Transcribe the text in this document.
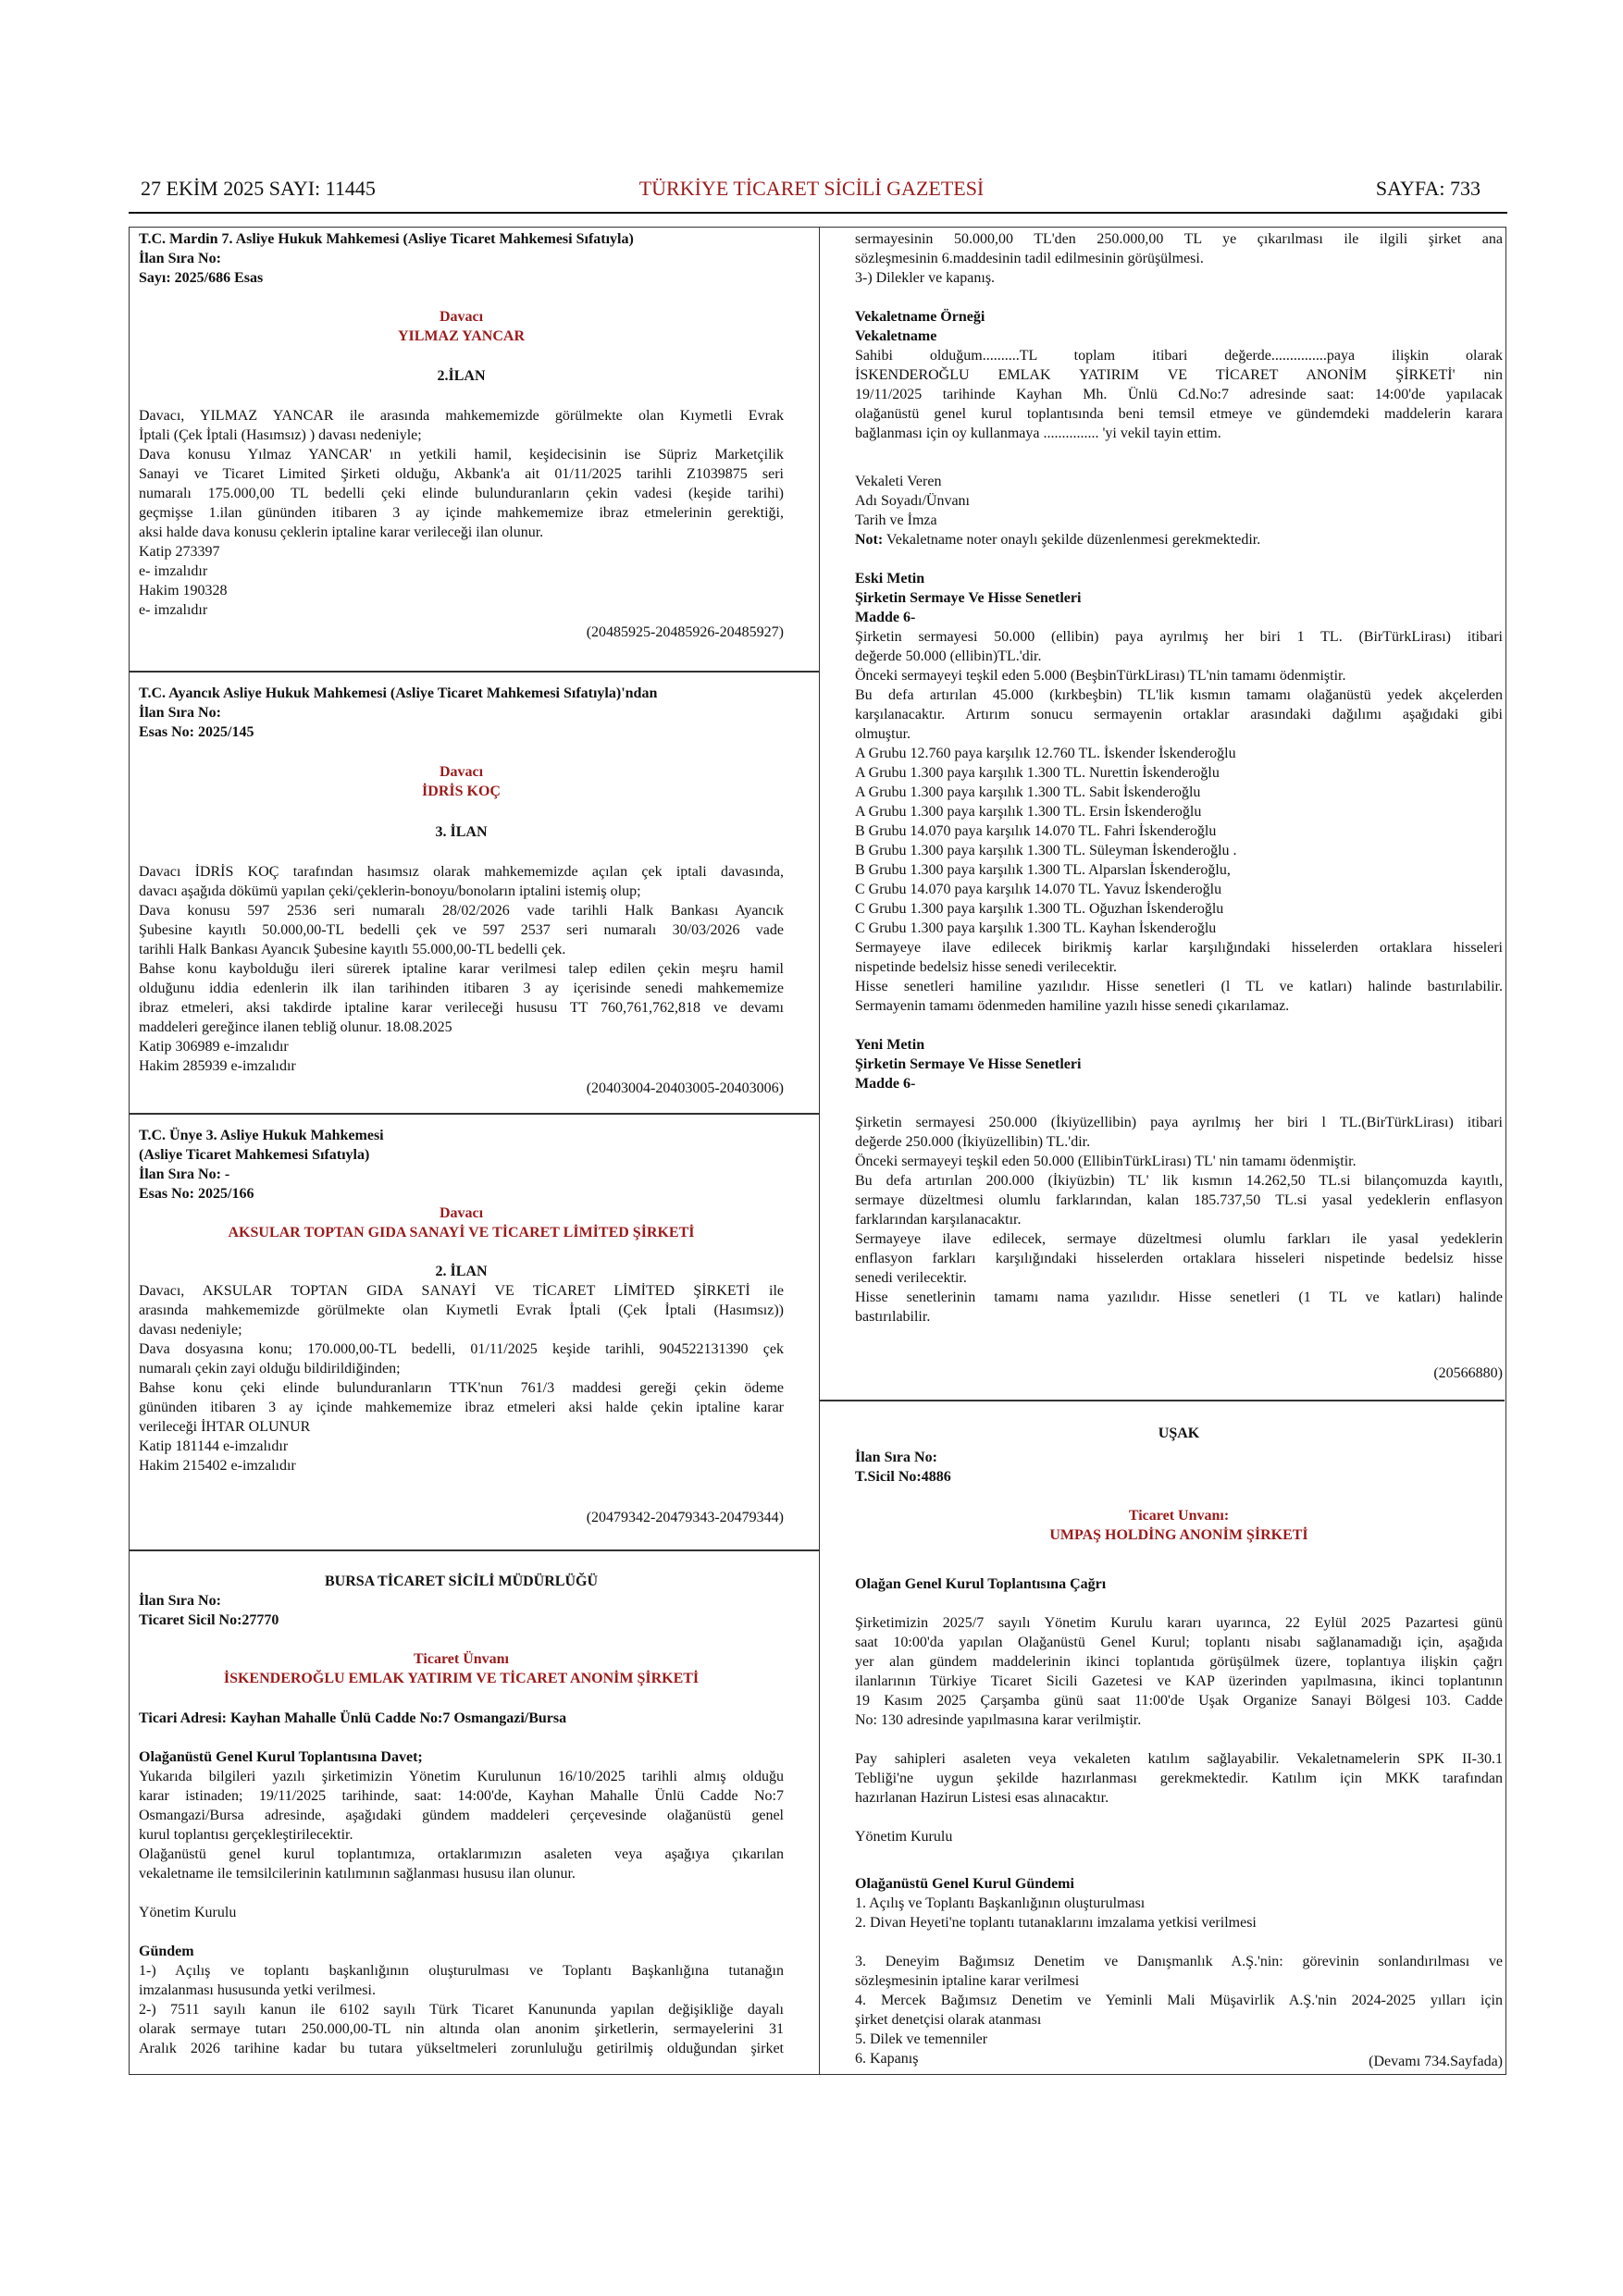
27 EKİM 2025 SAYI: 11445	TÜRKİYE TİCARET SİCİLİ GAZETESİ	SAYFA: 733
T.C. Mardin 7. Asliye Hukuk Mahkemesi (Asliye Ticaret Mahkemesi Sıfatıyla)
İlan Sıra No:
Sayı: 2025/686 Esas
Davacı
YILMAZ YANCAR
2.İLAN
Davacı, YILMAZ YANCAR ile arasında mahkememizde görülmekte olan Kıymetli Evrak
İptali (Çek İptali (Hasımsız) ) davası nedeniyle;
Dava konusu Yılmaz YANCAR' ın yetkili hamil, keşidecisinin ise Süpriz Marketçilik
Sanayi ve Ticaret Limited Şirketi olduğu, Akbank'a ait 01/11/2025 tarihli Z1039875 seri
numaralı 175.000,00 TL bedelli çeki elinde bulunduranların çekin vadesi (keşide tarihi)
geçmişse 1.ilan gününden itibaren 3 ay içinde mahkememize ibraz etmelerinin gerektiği,
aksi halde dava konusu çeklerin iptaline karar verileceği ilan olunur.
Katip 273397
e- imzalıdır
Hakim 190328
e- imzalıdır
(20485925-20485926-20485927)
T.C. Ayancık Asliye Hukuk Mahkemesi (Asliye Ticaret Mahkemesi Sıfatıyla)'ndan
İlan Sıra No:
Esas No: 2025/145
Davacı
İDRİS KOÇ
3. İLAN
Davacı İDRİS KOÇ tarafından hasımsız olarak mahkememizde açılan çek iptali davasında,
davacı aşağıda dökümü yapılan çeki/çeklerin-bonoyu/bonoların iptalini istemiş olup;
Dava konusu 597 2536 seri numaralı 28/02/2026 vade tarihli Halk Bankası Ayancık
Şubesine kayıtlı 50.000,00-TL bedelli çek ve 597 2537 seri numaralı 30/03/2026 vade
tarihli Halk Bankası Ayancık Şubesine kayıtlı 55.000,00-TL bedelli çek.
Bahse konu kaybolduğu ileri sürerek iptaline karar verilmesi talep edilen çekin meşru hamil
olduğunu iddia edenlerin ilk ilan tarihinden itibaren 3 ay içerisinde senedi mahkememize
ibraz etmeleri, aksi takdirde iptaline karar verileceği hususu TT 760,761,762,818 ve devamı
maddeleri gereğince ilanen tebliğ olunur. 18.08.2025
Katip 306989 e-imzalıdır
Hakim 285939 e-imzalıdır
(20403004-20403005-20403006)
T.C. Ünye 3. Asliye Hukuk Mahkemesi
(Asliye Ticaret Mahkemesi Sıfatıyla)
İlan Sıra No: -
Esas No: 2025/166
Davacı
AKSULAR TOPTAN GIDA SANAYİ VE TİCARET LİMİTED ŞİRKETİ
2. İLAN
Davacı, AKSULAR TOPTAN GIDA SANAYİ VE TİCARET LİMİTED ŞİRKETİ ile
arasında mahkememizde görülmekte olan Kıymetli Evrak İptali (Çek İptali (Hasımsız))
davası nedeniyle;
Dava dosyasına konu; 170.000,00-TL bedelli, 01/11/2025 keşide tarihli, 904522131390 çek
numaralı çekin zayi olduğu bildirildiğinden;
Bahse konu çeki elinde bulunduranların TTK'nun 761/3 maddesi gereği çekin ödeme
gününden itibaren 3 ay içinde mahkememize ibraz etmeleri aksi halde çekin iptaline karar
verileceği İHTAR OLUNUR
Katip 181144 e-imzalıdır
Hakim 215402 e-imzalıdır
(20479342-20479343-20479344)
BURSA TİCARET SİCİLİ MÜDÜRLÜĞÜ
İlan Sıra No:
Ticaret Sicil No:27770
Ticaret Ünvanı
İSKENDEROĞLU EMLAK YATIRIM VE TİCARET ANONİM ŞİRKETİ
Ticari Adresi: Kayhan Mahalle Ünlü Cadde No:7 Osmangazi/Bursa
Olağanüstü Genel Kurul Toplantısına Davet;
Yukarıda bilgileri yazılı şirketimizin Yönetim Kurulunun 16/10/2025 tarihli almış olduğu
karar istinaden; 19/11/2025 tarihinde, saat: 14:00'de, Kayhan Mahalle Ünlü Cadde No:7
Osmangazi/Bursa adresinde, aşağıdaki gündem maddeleri çerçevesinde olağanüstü genel
kurul toplantısı gerçekleştirilecektir.
Olağanüstü genel kurul toplantımıza, ortaklarımızın asaleten veya aşağıya çıkarılan
vekaletname ile temsilcilerinin katılımının sağlanması hususu ilan olunur.
Yönetim Kurulu
Gündem
1-) Açılış ve toplantı başkanlığının oluşturulması ve Toplantı Başkanlığına tutanağın
imzalanması hususunda yetki verilmesi.
2-) 7511 sayılı kanun ile 6102 sayılı Türk Ticaret Kanununda yapılan değişikliğe dayalı
olarak sermaye tutarı 250.000,00-TL nin altında olan anonim şirketlerin, sermayelerini 31
Aralık 2026 tarihine kadar bu tutara yükseltmeleri zorunluluğu getirilmiş olduğundan şirket
sermayesinin 50.000,00 TL'den 250.000,00 TL ye çıkarılması ile ilgili şirket ana
sözleşmesinin 6.maddesinin tadil edilmesinin görüşülmesi.
3-) Dilekler ve kapanış.
Vekaletname Örneği
Vekaletname
Sahibi olduğum..........TL toplam itibari değerde...............paya ilişkin olarak
İSKENDEROĞLU EMLAK YATIRIM VE TİCARET ANONİM ŞİRKETİ' nin
19/11/2025 tarihinde Kayhan Mh. Ünlü Cd.No:7 adresinde saat: 14:00'de yapılacak
olağanüstü genel kurul toplantısında beni temsil etmeye ve gündemdeki maddelerin karara
bağlanması için oy kullanmaya ............... 'yi vekil tayin ettim.
Vekaleti Veren
Adı Soyadı/Ünvanı
Tarih ve İmza
Not: Vekaletname noter onaylı şekilde düzenlenmesi gerekmektedir.
Eski Metin
Şirketin Sermaye Ve Hisse Senetleri
Madde 6-
Şirketin sermayesi 50.000 (ellibin) paya ayrılmış her biri 1 TL. (BirTürkLirası) itibari
değerde 50.000 (ellibin)TL.'dir.
Önceki sermayeyi teşkil eden 5.000 (BeşbinTürkLirası) TL'nin tamamı ödenmiştir.
Bu defa artırılan 45.000 (kırkbeşbin) TL'lik kısmın tamamı olağanüstü yedek akçelerden
karşılanacaktır. Artırım sonucu sermayenin ortaklar arasındaki dağılımı aşağıdaki gibi
olmuştur.
A Grubu 12.760 paya karşılık 12.760 TL. İskender İskenderoğlu
A Grubu 1.300 paya karşılık 1.300 TL. Nurettin İskenderoğlu
A Grubu 1.300 paya karşılık 1.300 TL. Sabit İskenderoğlu
A Grubu 1.300 paya karşılık 1.300 TL. Ersin İskenderoğlu
B Grubu 14.070 paya karşılık 14.070 TL. Fahri İskenderoğlu
B Grubu 1.300 paya karşılık 1.300 TL. Süleyman İskenderoğlu .
B Grubu 1.300 paya karşılık 1.300 TL. Alparslan İskenderoğlu,
C Grubu 14.070 paya karşılık 14.070 TL. Yavuz İskenderoğlu
C Grubu 1.300 paya karşılık 1.300 TL. Oğuzhan İskenderoğlu
C Grubu 1.300 paya karşılık 1.300 TL. Kayhan İskenderoğlu
Sermayeye ilave edilecek birikmiş karlar karşılığındaki hisselerden ortaklara hisseleri
nispetinde bedelsiz hisse senedi verilecektir.
Hisse senetleri hamiline yazılıdır. Hisse senetleri (l TL ve katları) halinde bastırılabilir.
Sermayenin tamamı ödenmeden hamiline yazılı hisse senedi çıkarılamaz.
Yeni Metin
Şirketin Sermaye Ve Hisse Senetleri
Madde 6-
Şirketin sermayesi 250.000 (İkiyüzellibin) paya ayrılmış her biri l TL.(BirTürkLirası) itibari
değerde 250.000 (İkiyüzellibin) TL.'dir.
Önceki sermayeyi teşkil eden 50.000 (EllibinTürkLirası) TL' nin tamamı ödenmiştir.
Bu defa artırılan 200.000 (İkiyüzbin) TL' lik kısmın 14.262,50 TL.si bilançomuzda kayıtlı,
sermaye düzeltmesi olumlu farklarından, kalan 185.737,50 TL.si yasal yedeklerin enflasyon
farklarından karşılanacaktır.
Sermayeye ilave edilecek, sermaye düzeltmesi olumlu farkları ile yasal yedeklerin
enflasyon farkları karşılığındaki hisselerden ortaklara hisseleri nispetinde bedelsiz hisse
senedi verilecektir.
Hisse senetlerinin tamamı nama yazılıdır. Hisse senetleri (1 TL ve katları) halinde
bastırılabilir.
(20566880)
UŞAK
İlan Sıra No:
T.Sicil No:4886
Ticaret Unvanı:
UMPAŞ HOLDİNG ANONİM ŞİRKETİ
Olağan Genel Kurul Toplantısına Çağrı
Şirketimizin 2025/7 sayılı Yönetim Kurulu kararı uyarınca, 22 Eylül 2025 Pazartesi günü
saat 10:00'da yapılan Olağanüstü Genel Kurul; toplantı nisabı sağlanamadığı için, aşağıda
yer alan gündem maddelerinin ikinci toplantıda görüşülmek üzere, toplantıya ilişkin çağrı
ilanlarının Türkiye Ticaret Sicili Gazetesi ve KAP üzerinden yapılmasına, ikinci toplantının
19 Kasım 2025 Çarşamba günü saat 11:00'de Uşak Organize Sanayi Bölgesi 103. Cadde
No: 130 adresinde yapılmasına karar verilmiştir.
Pay sahipleri asaleten veya vekaleten katılım sağlayabilir. Vekaletnamelerin SPK II-30.1
Tebliği'ne uygun şekilde hazırlanması gerekmektedir. Katılım için MKK tarafından
hazırlanan Hazirun Listesi esas alınacaktır.
Yönetim Kurulu
Olağanüstü Genel Kurul Gündemi
1. Açılış ve Toplantı Başkanlığının oluşturulması
2. Divan Heyeti'ne toplantı tutanaklarını imzalama yetkisi verilmesi
3. Deneyim Bağımsız Denetim ve Danışmanlık A.Ş.'nin: görevinin sonlandırılması ve
sözleşmesinin iptaline karar verilmesi
4. Mercek Bağımsız Denetim ve Yeminli Mali Müşavirlik A.Ş.'nin 2024-2025 yılları için
şirket denetçisi olarak atanması
5. Dilek ve temenniler
6. Kapanış	(Devamı 734.Sayfada)
